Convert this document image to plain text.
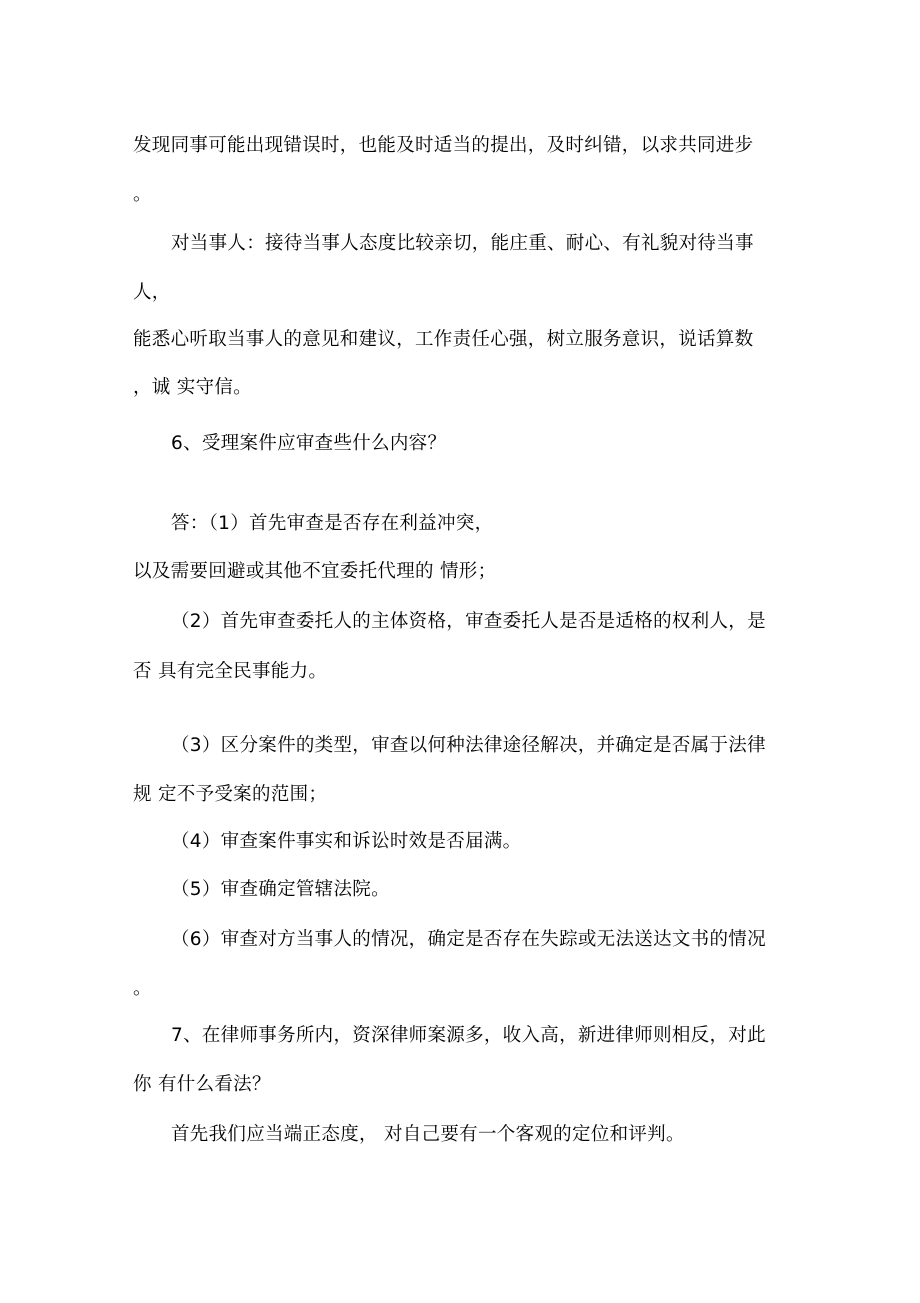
发现同事可能出现错误时，也能及时适当的提出，及时纠错，以求共同进步
。
对当事人：接待当事人态度比较亲切，能庄重、耐心、有礼貌对待当事
人，
能悉心听取当事人的意见和建议，工作责任心强，树立服务意识，说话算数
，诚 实守信。
6、受理案件应审查些什么内容？
答：（1）首先审查是否存在利益冲突，
以及需要回避或其他不宜委托代理的 情形；
（2）首先审查委托人的主体资格，审查委托人是否是适格的权利人，是
否 具有完全民事能力。
（3）区分案件的类型，审查以何种法律途径解决，并确定是否属于法律
规 定不予受案的范围；
（4）审查案件事实和诉讼时效是否届满。
（5）审查确定管辖法院。
（6）审查对方当事人的情况，确定是否存在失踪或无法送达文书的情况
。
7、在律师事务所内，资深律师案源多，收入高，新进律师则相反，对此
你 有什么看法？
首先我们应当端正态度， 对自己要有一个客观的定位和评判。
